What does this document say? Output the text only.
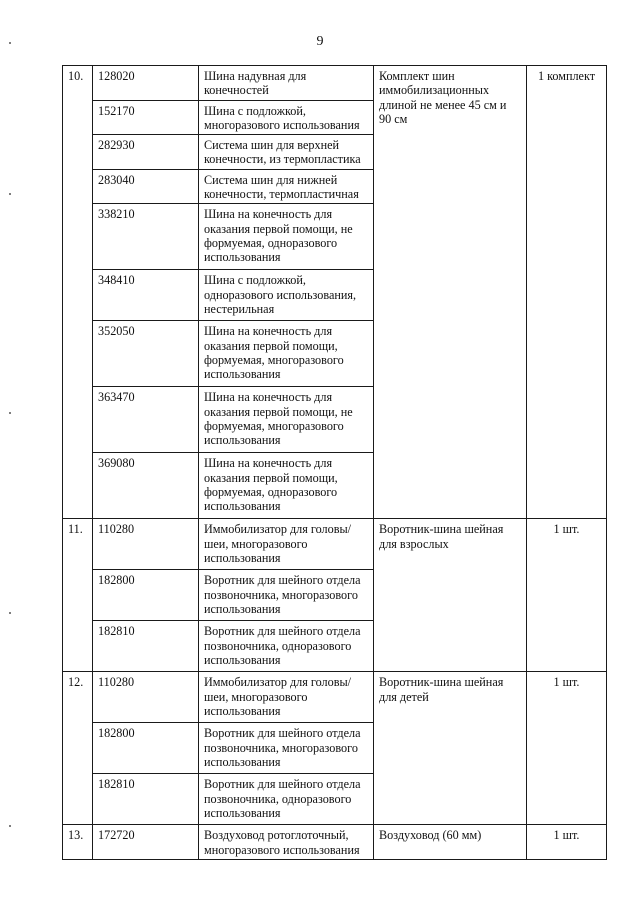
9
10.	128020	Шина надувная для конечностей	Комплект шин иммобилизационных длиной не менее 45 см и 90 см	1 комплект
	152170	Шина с подложкой, многоразового использования		
	282930	Система шин для верхней конечности, из термопластика		
	283040	Система шин для нижней конечности, термопластичная		
	338210	Шина на конечность для оказания первой помощи, не формуемая, одноразового использования		
	348410	Шина с подложкой, одноразового использования, нестерильная		
	352050	Шина на конечность для оказания первой помощи, формуемая, многоразового использования		
	363470	Шина на конечность для оказания первой помощи, не формуемая, многоразового использования		
	369080	Шина на конечность для оказания первой помощи, формуемая, одноразового использования		
11.	110280	Иммобилизатор для головы/шеи, многоразового использования	Воротник-шина шейная для взрослых	1 шт.
	182800	Воротник для шейного отдела позвоночника, многоразового использования		
	182810	Воротник для шейного отдела позвоночника, одноразового использования		
12.	110280	Иммобилизатор для головы/шеи, многоразового использования	Воротник-шина шейная для детей	1 шт.
	182800	Воротник для шейного отдела позвоночника, многоразового использования		
	182810	Воротник для шейного отдела позвоночника, одноразового использования		
13.	172720	Воздуховод ротоглоточный, многоразового использования	Воздуховод (60 мм)	1 шт.
